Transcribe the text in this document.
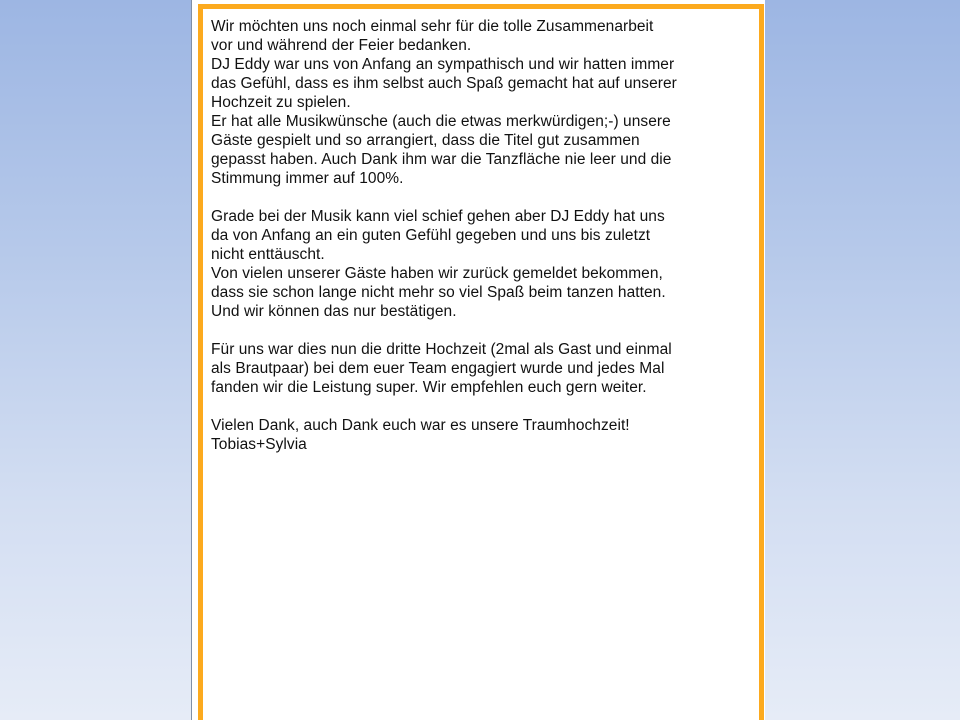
Wir möchten uns noch einmal sehr für die tolle Zusammenarbeit
vor und während der Feier bedanken.
DJ Eddy war uns von Anfang an sympathisch und wir hatten immer
das Gefühl, dass es ihm selbst auch Spaß gemacht hat auf unserer
Hochzeit zu spielen.
Er hat alle Musikwünsche (auch die etwas merkwürdigen;-) unsere
Gäste gespielt und so arrangiert, dass die Titel gut zusammen
gepasst haben. Auch Dank ihm war die Tanzfläche nie leer und die
Stimmung immer auf 100%.

Grade bei der Musik kann viel schief gehen aber DJ Eddy hat uns
da von Anfang an ein guten Gefühl gegeben und uns bis zuletzt
nicht enttäuscht.
Von vielen unserer Gäste haben wir zurück gemeldet bekommen,
dass sie schon lange nicht mehr so viel Spaß beim tanzen hatten.
Und wir können das nur bestätigen.

Für uns war dies nun die dritte Hochzeit (2mal als Gast und einmal
als Brautpaar) bei dem euer Team engagiert wurde und jedes Mal
fanden wir die Leistung super. Wir empfehlen euch gern weiter.

Vielen Dank, auch Dank euch war es unsere Traumhochzeit!
Tobias+Sylvia
